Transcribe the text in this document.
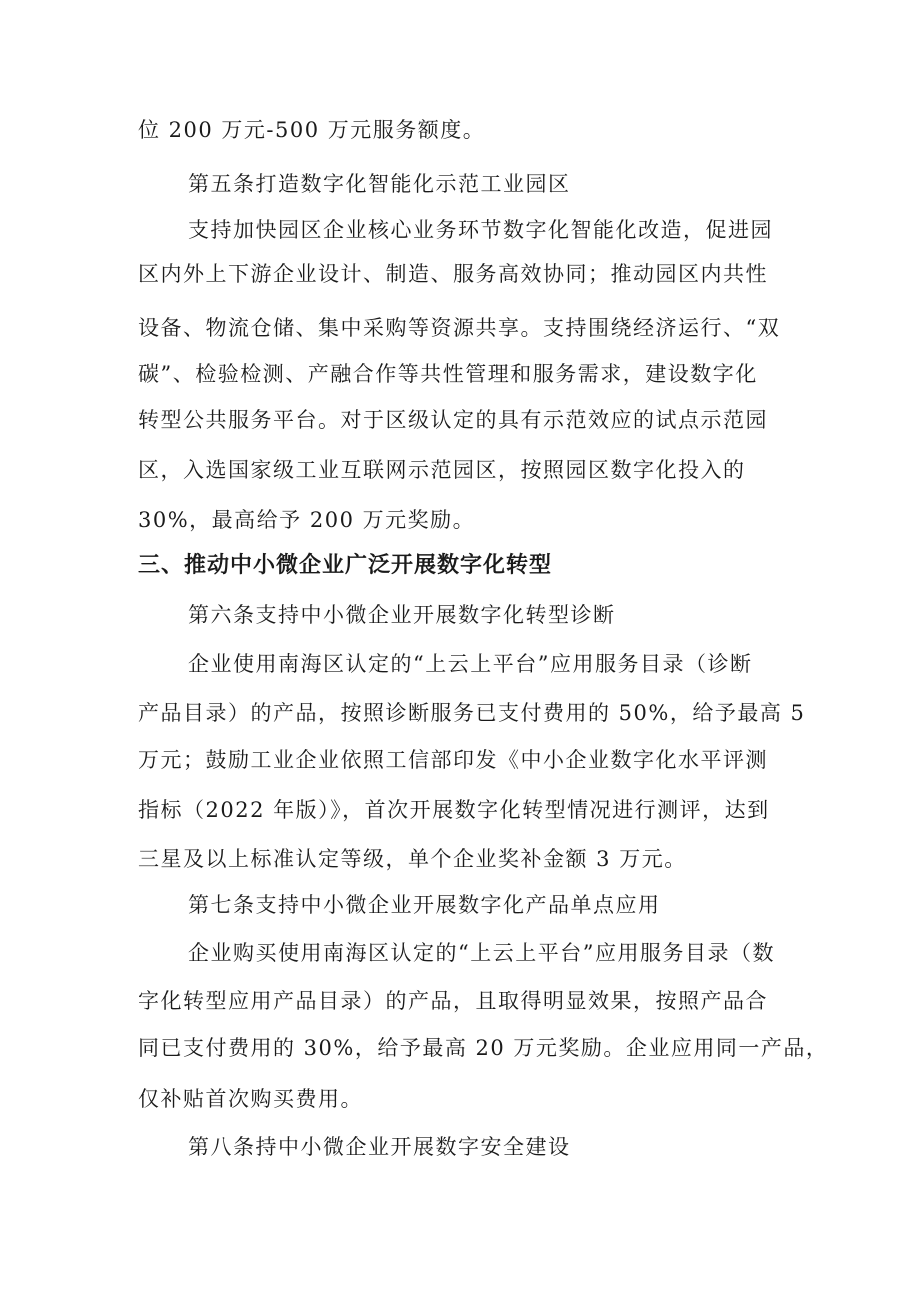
位 200 万元-500 万元服务额度。
第五条打造数字化智能化示范工业园区
支持加快园区企业核心业务环节数字化智能化改造，促进园
区内外上下游企业设计、制造、服务高效协同；推动园区内共性
设备、物流仓储、集中采购等资源共享。支持围绕经济运行、“双
碳”、检验检测、产融合作等共性管理和服务需求，建设数字化
转型公共服务平台。对于区级认定的具有示范效应的试点示范园
区，入选国家级工业互联网示范园区，按照园区数字化投入的
30%，最高给予 200 万元奖励。
三、推动中小微企业广泛开展数字化转型
第六条支持中小微企业开展数字化转型诊断
企业使用南海区认定的“上云上平台”应用服务目录（诊断
产品目录）的产品，按照诊断服务已支付费用的 50%，给予最高 5
万元；鼓励工业企业依照工信部印发《中小企业数字化水平评测
指标（2022 年版）》，首次开展数字化转型情况进行测评，达到
三星及以上标准认定等级，单个企业奖补金额 3 万元。
第七条支持中小微企业开展数字化产品单点应用
企业购买使用南海区认定的“上云上平台”应用服务目录（数
字化转型应用产品目录）的产品，且取得明显效果，按照产品合
同已支付费用的 30%，给予最高 20 万元奖励。企业应用同一产品，
仅补贴首次购买费用。
第八条持中小微企业开展数字安全建设
